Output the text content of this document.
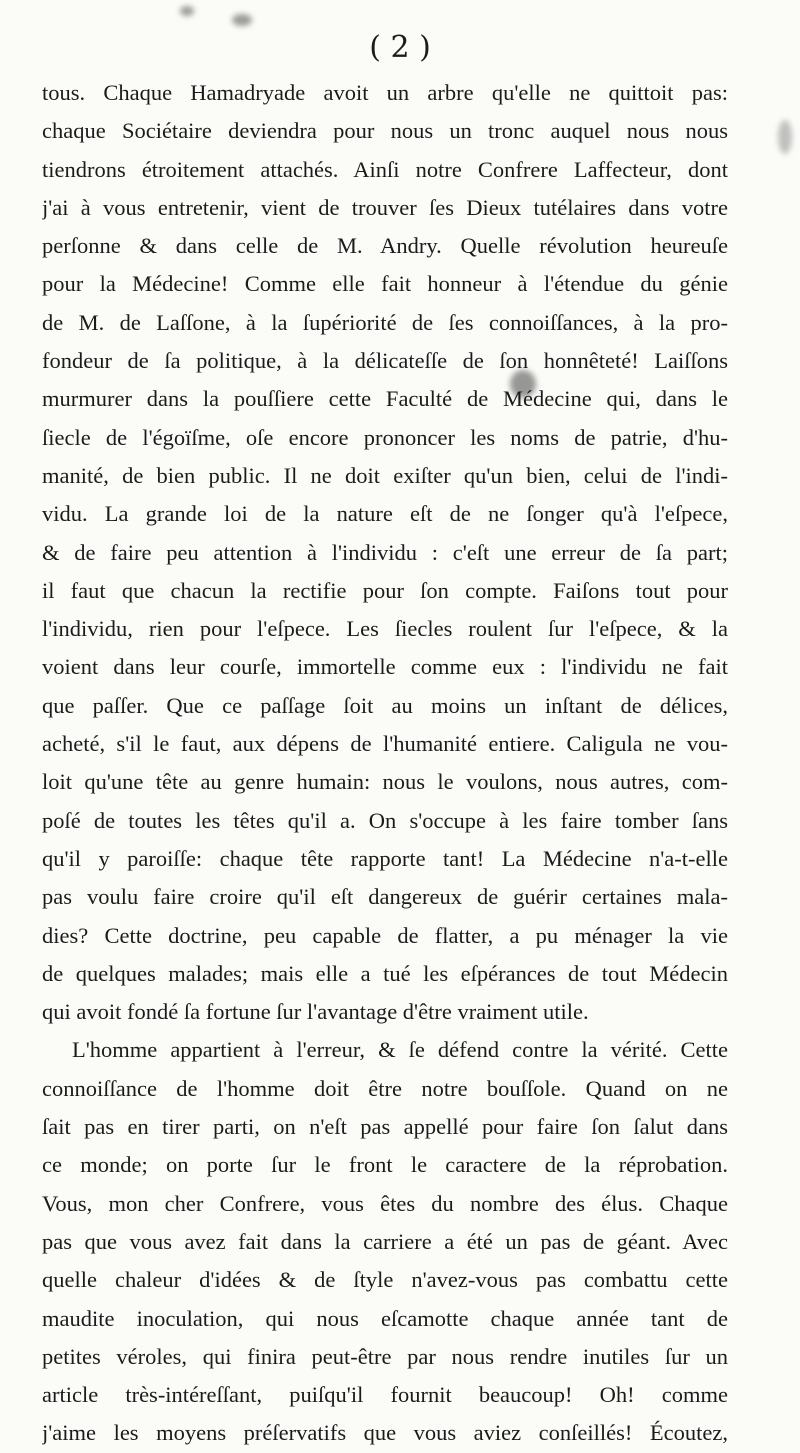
( 2 )
tous. Chaque Hamadryade avoit un arbre qu'elle ne quittoit pas:
chaque Sociétaire deviendra pour nous un tronc auquel nous nous
tiendrons étroitement attachés. Ainſi notre Confrere Laffecteur, dont
j'ai à vous entretenir, vient de trouver ſes Dieux tutélaires dans votre
perſonne & dans celle de M. Andry. Quelle révolution heureuſe
pour la Médecine! Comme elle fait honneur à l'étendue du génie
de M. de Laſſone, à la ſupériorité de ſes connoiſſances, à la pro-
fondeur de ſa politique, à la délicateſſe de ſon honnêteté! Laiſſons
murmurer dans la pouſſiere cette Faculté de Médecine qui, dans le
ſiecle de l'égoïſme, oſe encore prononcer les noms de patrie, d'hu-
manité, de bien public. Il ne doit exiſter qu'un bien, celui de l'indi-
vidu. La grande loi de la nature eſt de ne ſonger qu'à l'eſpece,
& de faire peu attention à l'individu : c'eſt une erreur de ſa part;
il faut que chacun la rectifie pour ſon compte. Faiſons tout pour
l'individu, rien pour l'eſpece. Les ſiecles roulent ſur l'eſpece, & la
voient dans leur courſe, immortelle comme eux : l'individu ne fait
que paſſer. Que ce paſſage ſoit au moins un inſtant de délices,
acheté, s'il le faut, aux dépens de l'humanité entiere. Caligula ne vou-
loit qu'une tête au genre humain: nous le voulons, nous autres, com-
poſé de toutes les têtes qu'il a. On s'occupe à les faire tomber ſans
qu'il y paroiſſe: chaque tête rapporte tant! La Médecine n'a-t-elle
pas voulu faire croire qu'il eſt dangereux de guérir certaines mala-
dies? Cette doctrine, peu capable de flatter, a pu ménager la vie
de quelques malades; mais elle a tué les eſpérances de tout Médecin
qui avoit fondé ſa fortune ſur l'avantage d'être vraiment utile.
L'homme appartient à l'erreur, & ſe défend contre la vérité. Cette
connoiſſance de l'homme doit être notre bouſſole. Quand on ne
ſait pas en tirer parti, on n'eſt pas appellé pour faire ſon ſalut dans
ce monde; on porte ſur le front le caractere de la réprobation.
Vous, mon cher Confrere, vous êtes du nombre des élus. Chaque
pas que vous avez fait dans la carriere a été un pas de géant. Avec
quelle chaleur d'idées & de ſtyle n'avez-vous pas combattu cette
maudite inoculation, qui nous eſcamotte chaque année tant de
petites véroles, qui finira peut-être par nous rendre inutiles ſur un
article très-intéreſſant, puiſqu'il fournit beaucoup! Oh! comme
j'aime les moyens préſervatifs que vous aviez conſeillés! Écoutez,
